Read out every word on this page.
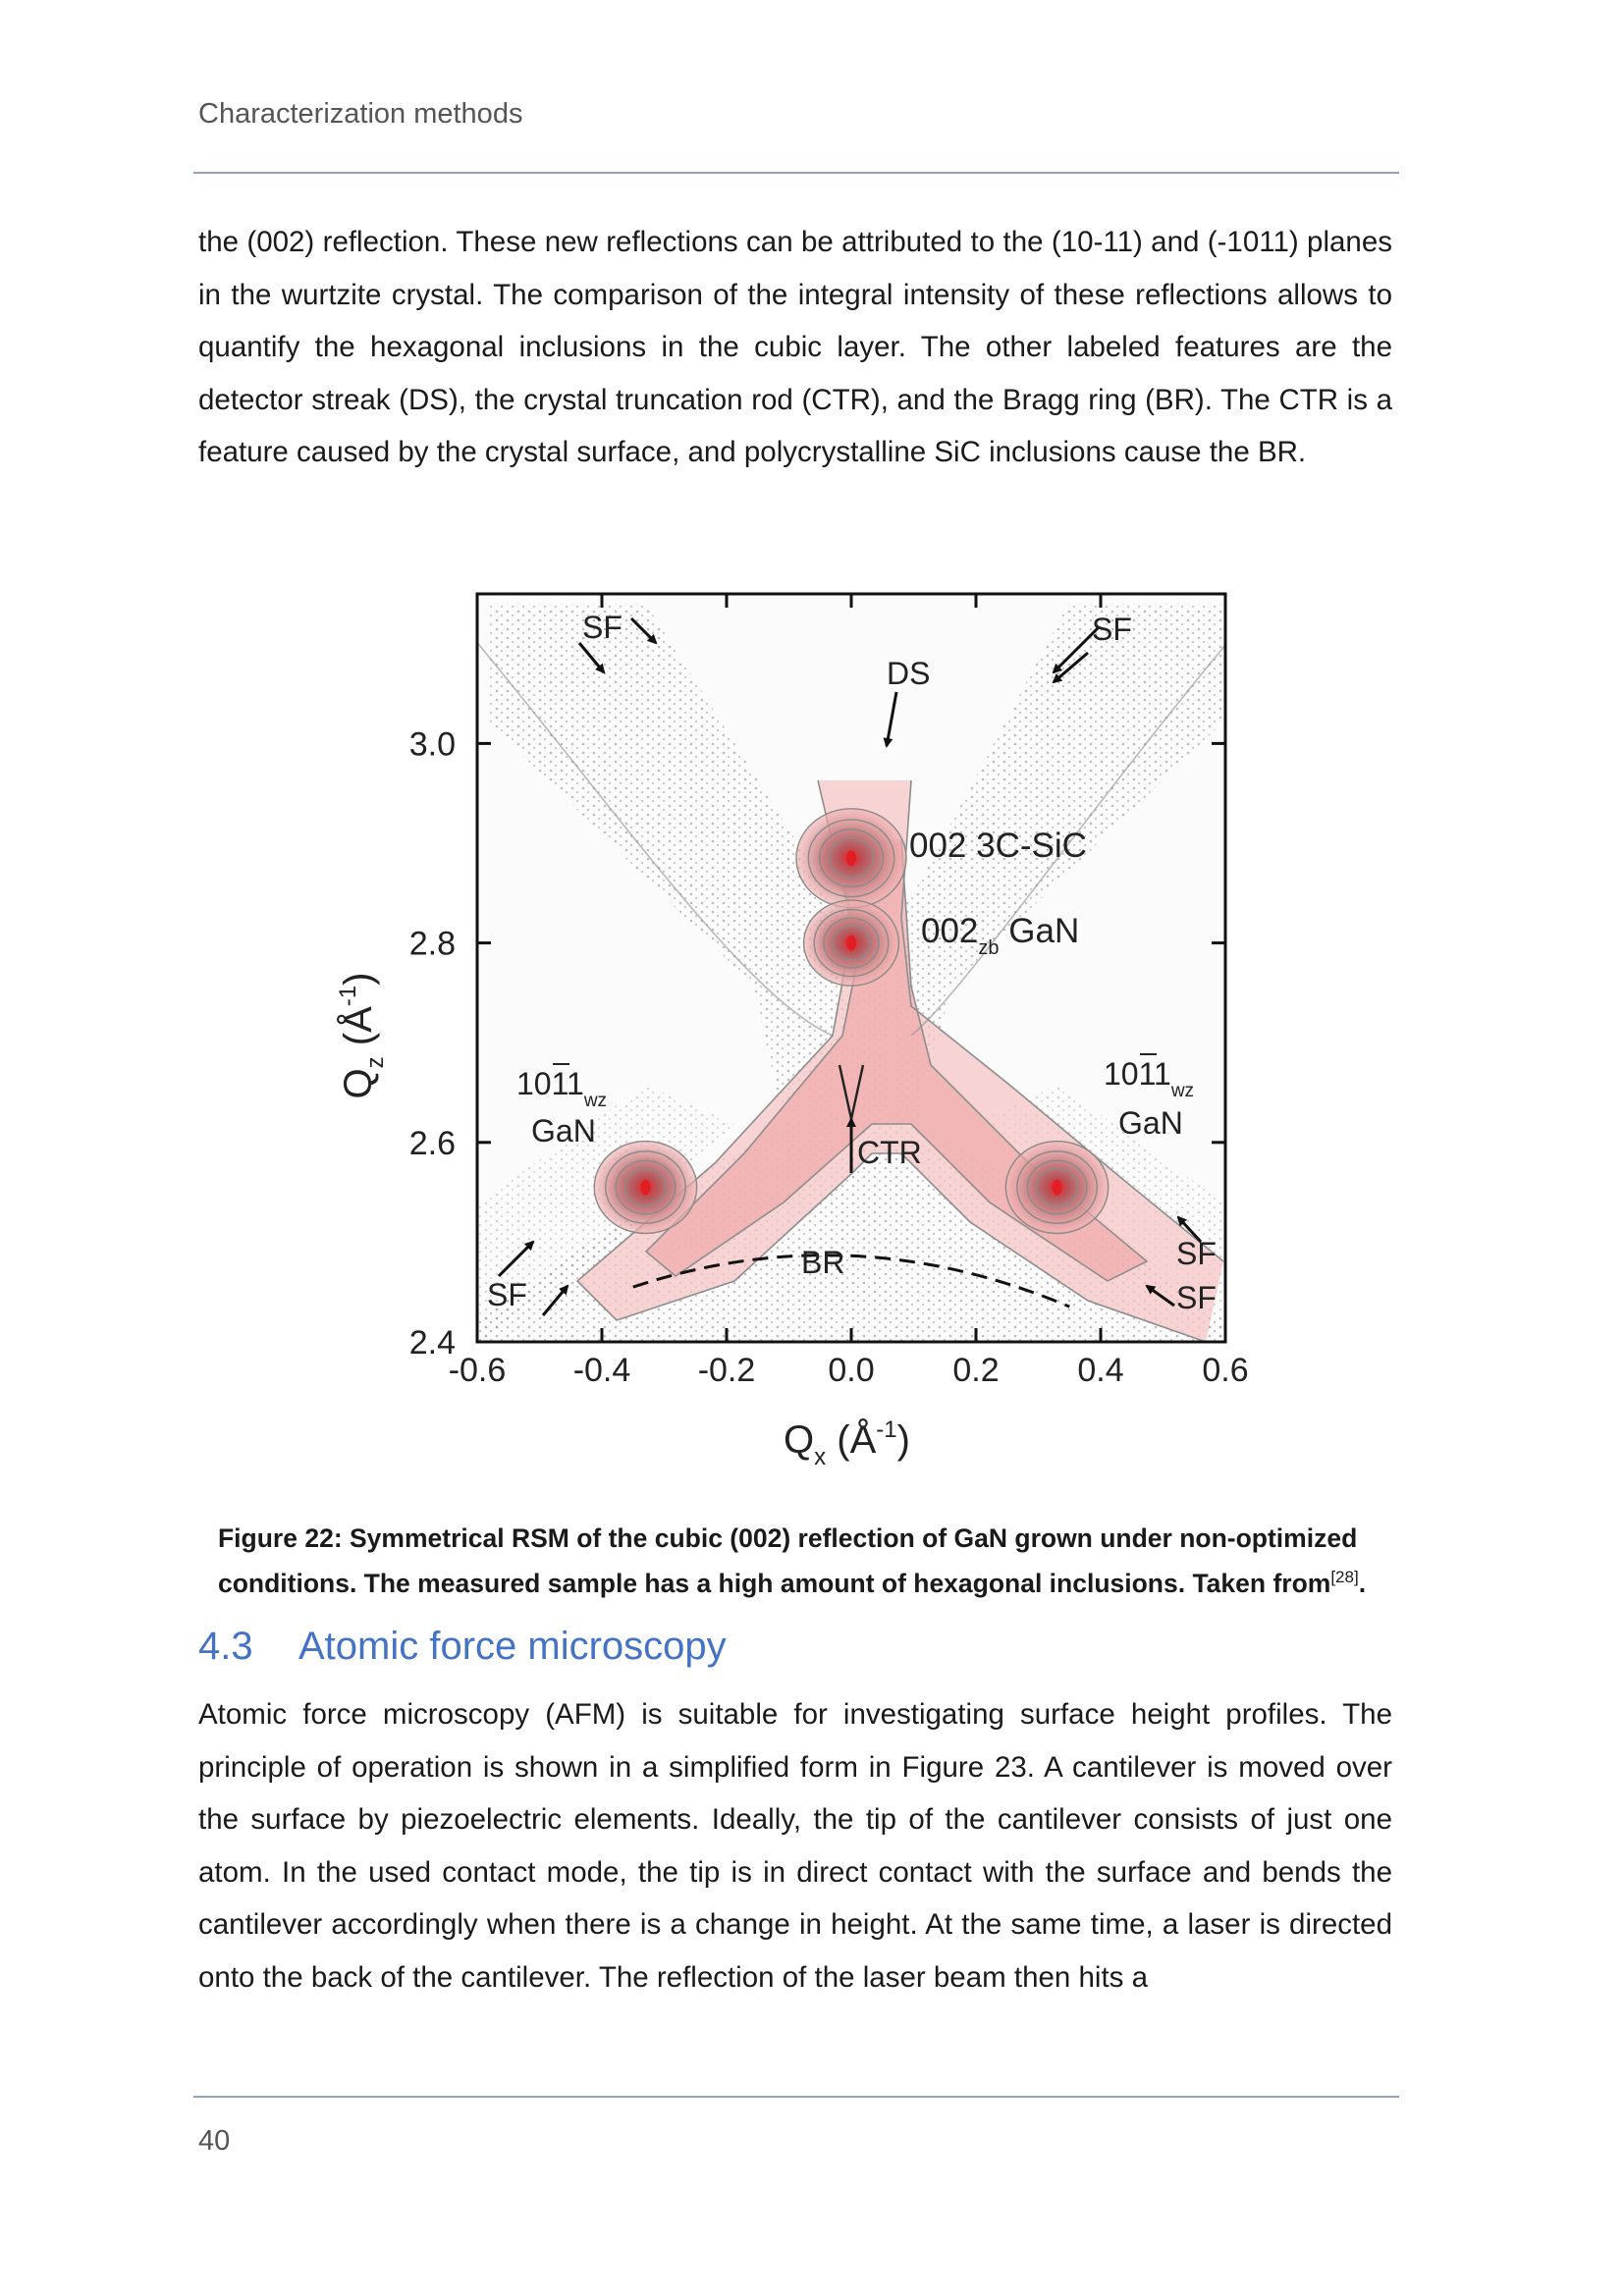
Characterization methods

the (002) reflection. These new reflections can be attributed to the (10-11) and (-1011) planes in the wurtzite crystal. The comparison of the integral intensity of these reflections allows to quantify the hexagonal inclusions in the cubic layer. The other labeled features are the detector streak (DS), the crystal truncation rod (CTR), and the Bragg ring (BR). The CTR is a feature caused by the crystal surface, and polycrystalline SiC inclusions cause the BR.

-0.6 -0.4 -0.2 0.0 0.2 0.4 0.6
2.4
2.6
2.8
3.0
$Q_x$ $(Å^{-1})$
$Q_z$ $(Å^{-1})$
SF	SF
DS
002 3C-SiC
$002_{zb}$ GaN
$1011_{wz}$
GaN
$1011_{wz}$
GaN
CTR
BR
SF
SF
SF

Figure 22: Symmetrical RSM of the cubic (002) reflection of GaN grown under non-optimized conditions. The measured sample has a high amount of hexagonal inclusions. Taken from[28].

4.3 Atomic force microscopy

Atomic force microscopy (AFM) is suitable for investigating surface height profiles. The principle of operation is shown in a simplified form in Figure 23. A cantilever is moved over the surface by piezoelectric elements. Ideally, the tip of the cantilever consists of just one atom. In the used contact mode, the tip is in direct contact with the surface and bends the cantilever accordingly when there is a change in height. At the same time, a laser is directed onto the back of the cantilever. The reflection of the laser beam then hits a

40
